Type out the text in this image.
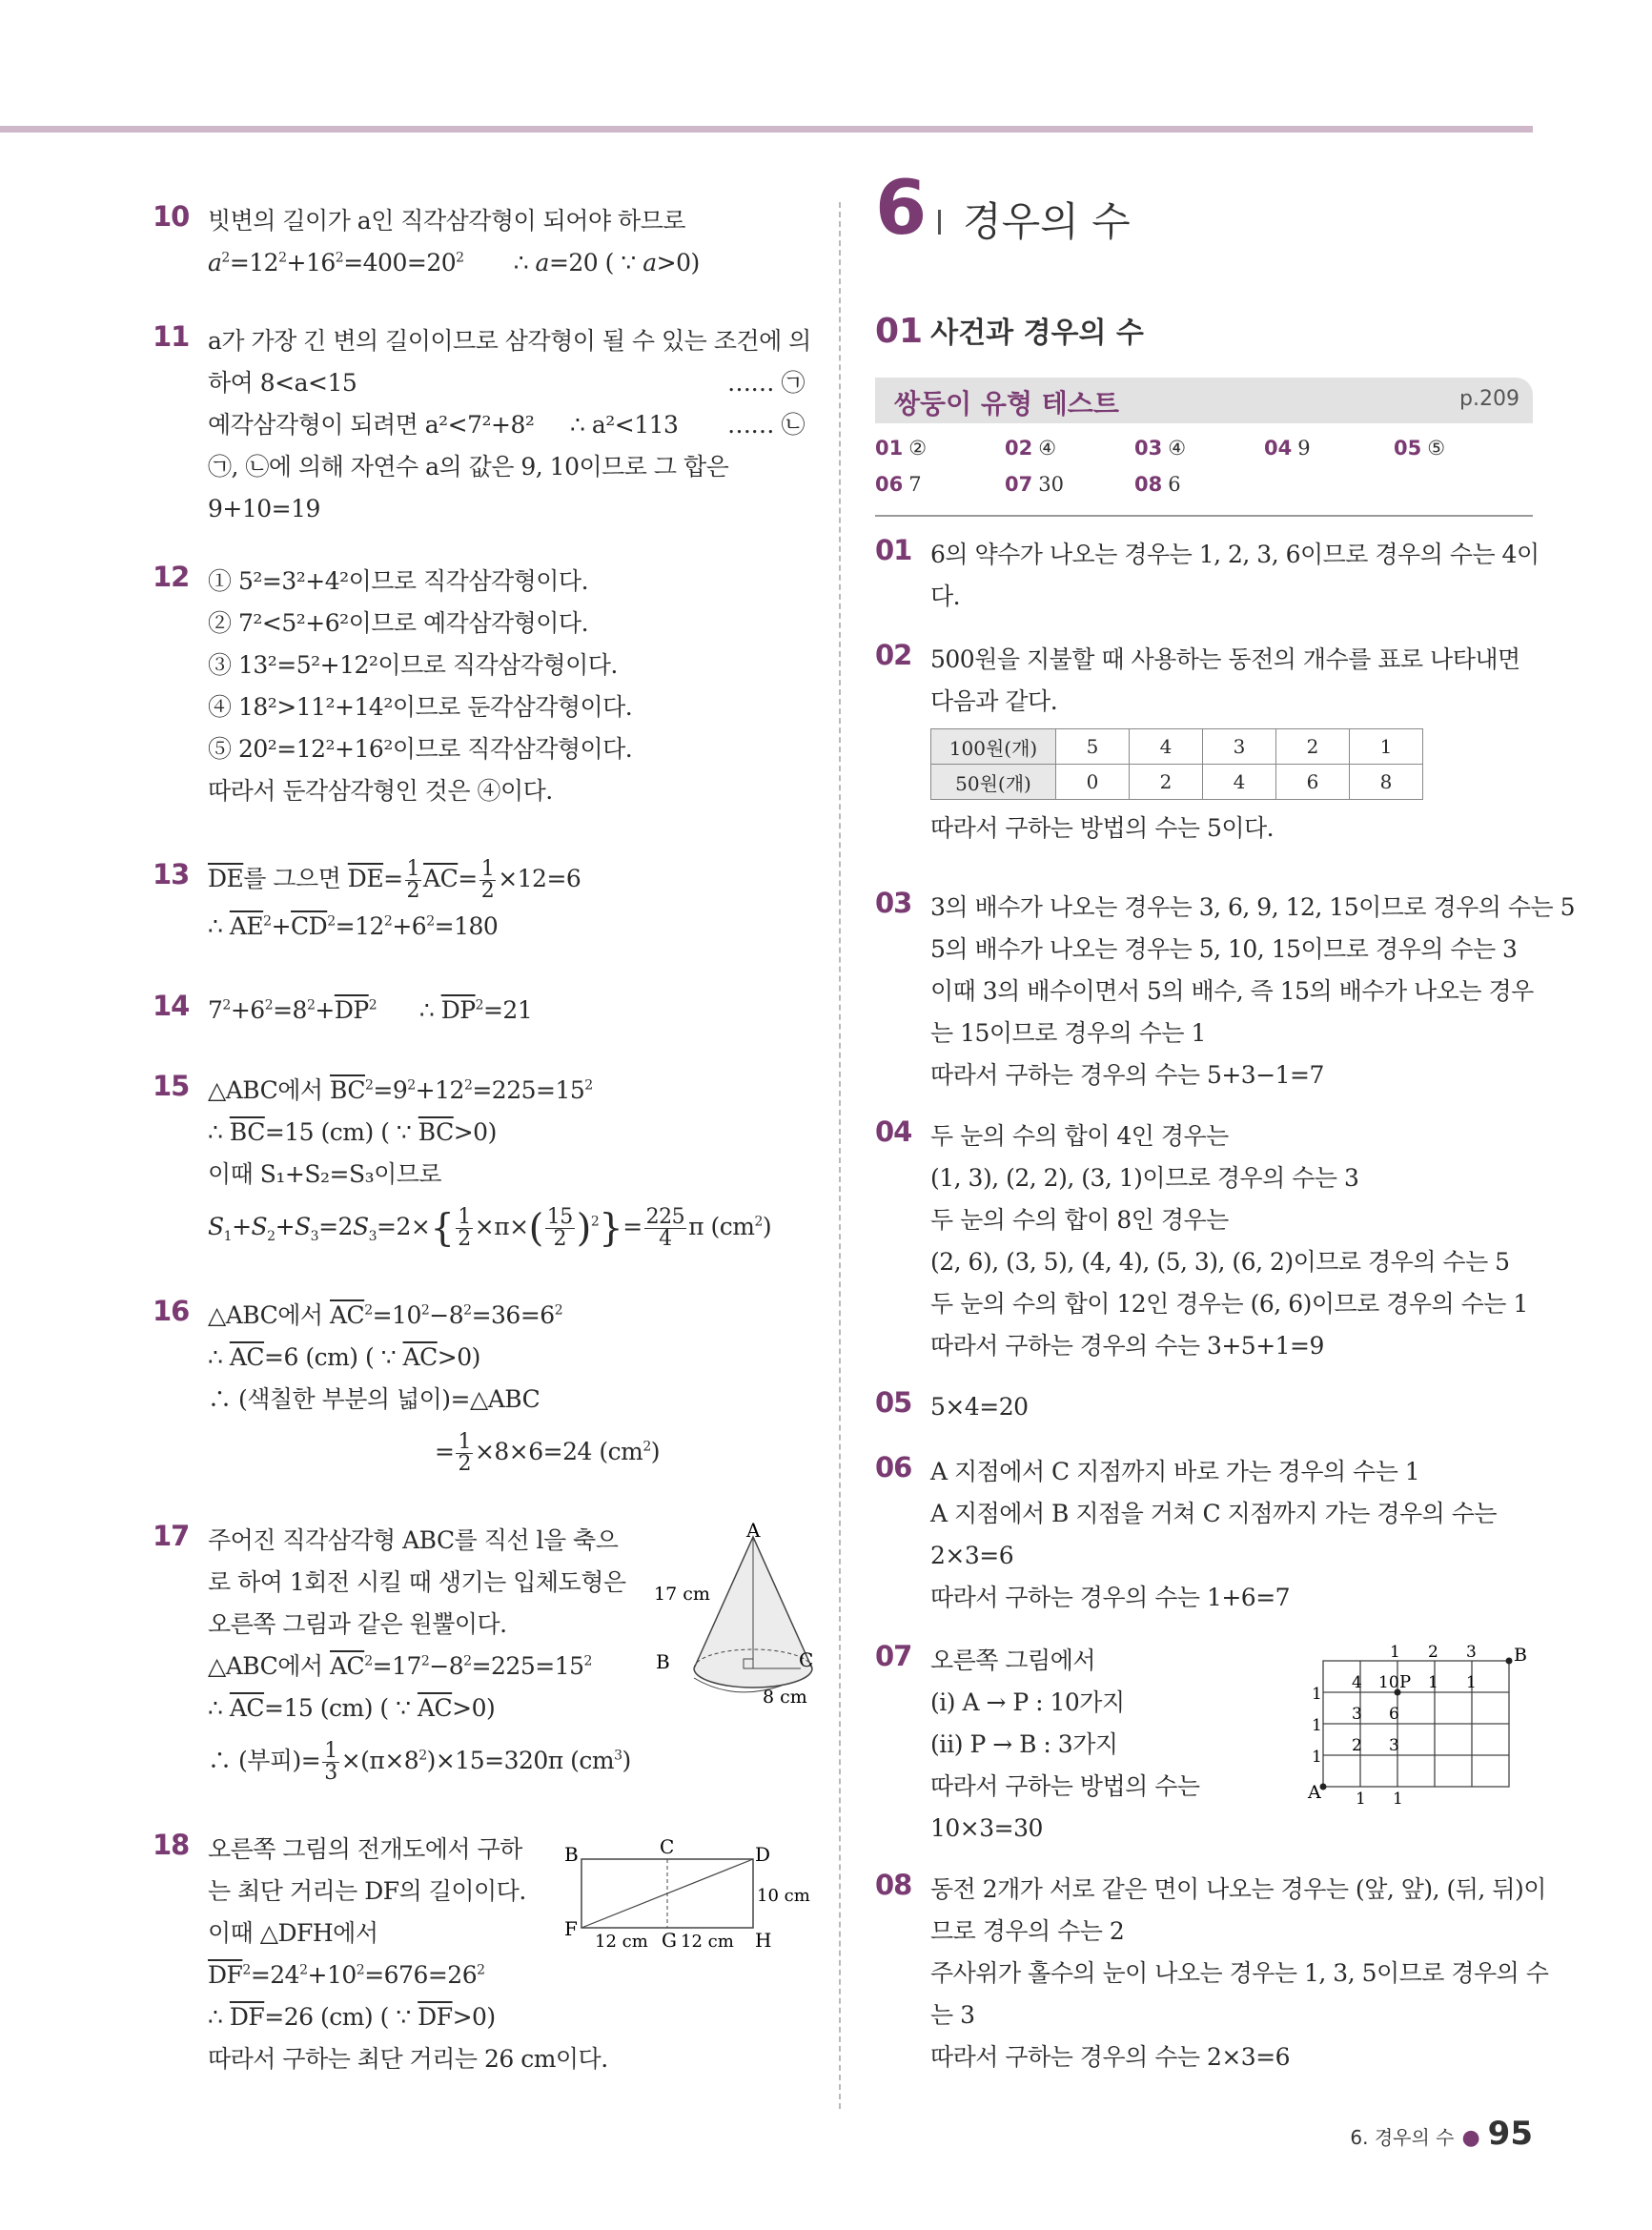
10 빗변의 길이가 a인 직각삼각형이 되어야 하므로
$a^2=12^2+16^2=400=20^2$       ∴ a=20 ( ∵ a>0)
11 a가 가장 긴 변의 길이이므로 삼각형이 될 수 있는 조건에 의
하여 8<a<15	…… ㉠
예각삼각형이 되려면 a²<7²+8² ∴ a²<113 …… ㉡
㉠, ㉡에 의해 자연수 a의 값은 9, 10이므로 그 합은
9+10=19
12 ① 5²=3²+4²이므로 직각삼각형이다.
② 7²<5²+6²이므로 예각삼각형이다.
③ 13²=5²+12²이므로 직각삼각형이다.
④ 18²>11²+14²이므로 둔각삼각형이다.
⑤ 20²=12²+16²이므로 직각삼각형이다.
따라서 둔각삼각형인 것은 ④이다.
13 $\overline{DE}$를 그으면 $\overline{DE}= \frac{1}{2} \overline{AC}= \frac{1}{2} \times 12=6$
∴ $\overline{AE}^2+\overline{CD}^2=12^2+6^2=180$
14 $7^2+6^2=8^2+\overline{DP}^2$      ∴ $\overline{DP}^2=21$
15 △ABC에서 $\overline{BC}^2=9^2+12^2=225=15^2$
∴ $\overline{BC}=15$ (cm) ( ∵ $\overline{BC}>0$)
이때 S₁+S₂=S₃이므로
$S_1+S_2+S_3=2S_3=2\times\{ \frac{1}{2} \times\pi\times( \frac{15}{2} )^2\}= \frac{225}{4}$ π $(cm^2)$
16 △ABC에서 $\overline{AC}^2=10^2-8^2=36=6^2$
∴ $\overline{AC}=6$ (cm) ( ∵ $\overline{AC}>0$)
∴ (색칠한 부분의 넓이)=△ABC
= $\frac{1}{2} \times 8\times 6=24$ $(cm^2)$
17 주어진 직각삼각형 ABC를 직선 l을 축으
로 하여 1회전 시킬 때 생기는 입체도형은
오른쪽 그림과 같은 원뿔이다.
△ABC에서 $\overline{AC}^2=17^2-8^2=225=15^2$
∴ $\overline{AC}=15$ (cm) ( ∵ $\overline{AC}>0$)
∴ (부피)= $\frac{1}{3} \times(\pi\times 8^2)\times 15=320\pi$ $(cm^3)$
A
17 cm
B	C
8 cm
18 오른쪽 그림의 전개도에서 구하
는 최단 거리는 DF의 길이이다.
이때 △DFH에서
$\overline{DF}^2=24^2+10^2=676=26^2$
∴ $\overline{DF}=26$ (cm) ( ∵ $\overline{DF}>0$)
따라서 구하는 최단 거리는 26 cm이다.
B	C	D
F	G	H
12 cm 12 cm
10 cm
6 경우의 수
01 사건과 경우의 수
쌍둥이 유형 테스트	p.209
01 ②	02 ④	03 ④	04 9	05 ⑤
06 7	07 30	08 6
01 6의 약수가 나오는 경우는 1, 2, 3, 6이므로 경우의 수는 4이
다.
02 500원을 지불할 때 사용하는 동전의 개수를 표로 나타내면
다음과 같다.
100원(개)	5	4	3	2	1
50원(개)	0	2	4	6	8
따라서 구하는 방법의 수는 5이다.
03 3의 배수가 나오는 경우는 3, 6, 9, 12, 15이므로 경우의 수는 5
5의 배수가 나오는 경우는 5, 10, 15이므로 경우의 수는 3
이때 3의 배수이면서 5의 배수, 즉 15의 배수가 나오는 경우
는 15이므로 경우의 수는 1
따라서 구하는 경우의 수는 5+3−1=7
04 두 눈의 수의 합이 4인 경우는
(1, 3), (2, 2), (3, 1)이므로 경우의 수는 3
두 눈의 수의 합이 8인 경우는
(2, 6), (3, 5), (4, 4), (5, 3), (6, 2)이므로 경우의 수는 5
두 눈의 수의 합이 12인 경우는 (6, 6)이므로 경우의 수는 1
따라서 구하는 경우의 수는 3+5+1=9
05 5×4=20
06 A 지점에서 C 지점까지 바로 가는 경우의 수는 1
A 지점에서 B 지점을 거쳐 C 지점까지 가는 경우의 수는
2×3=6
따라서 구하는 경우의 수는 1+6=7
07 오른쪽 그림에서
(ⅰ) A → P : 10가지
(ⅱ) P → B : 3가지
따라서 구하는 방법의 수는
10×3=30
B
A
P
1 2 3
4 10 1 1
3 6
2 3
1
1
1
1 1
08 동전 2개가 서로 같은 면이 나오는 경우는 (앞, 앞), (뒤, 뒤)이
므로 경우의 수는 2
주사위가 홀수의 눈이 나오는 경우는 1, 3, 5이므로 경우의 수
는 3
따라서 구하는 경우의 수는 2×3=6
6. 경우의 수 ● 95
